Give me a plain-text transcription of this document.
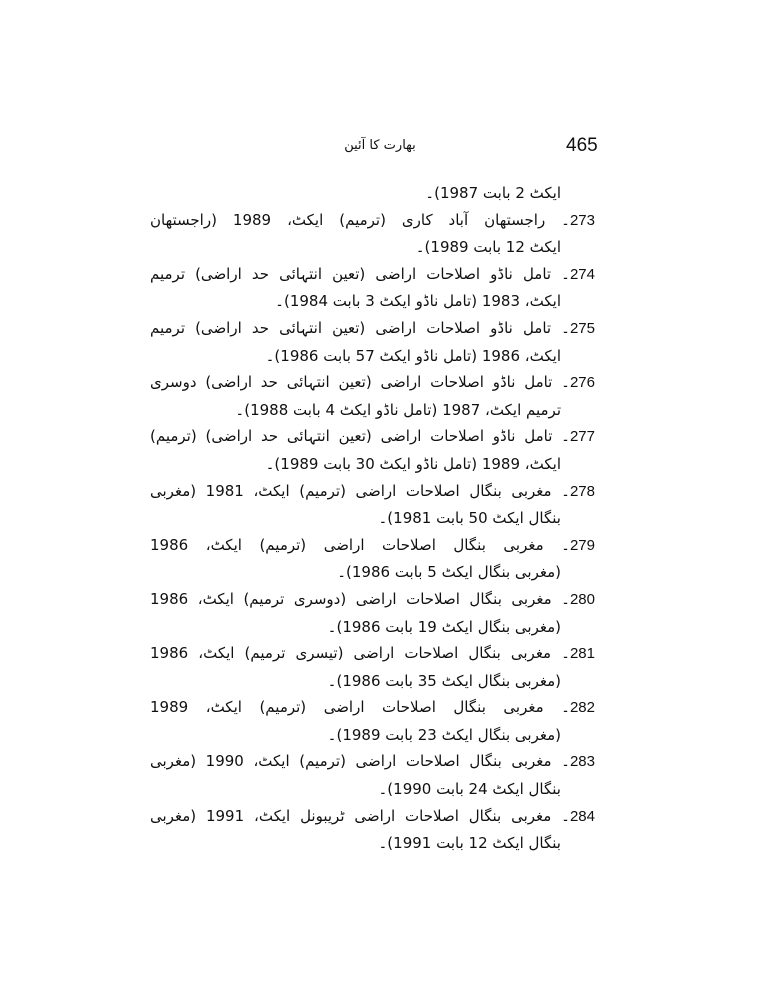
465
بھارت کا آئین

ایکٹ 2 بابت 1987)۔

273۔ راجستھان آباد کاری (ترمیم) ایکٹ، 1989 (راجستھان
ایکٹ 12 بابت 1989)۔

274۔ تامل ناڈو اصلاحات اراضی (تعین انتہائی حد اراضی) ترمیم
ایکٹ، 1983 (تامل ناڈو ایکٹ 3 بابت 1984)۔

275۔ تامل ناڈو اصلاحات اراضی (تعین انتہائی حد اراضی) ترمیم
ایکٹ، 1986 (تامل ناڈو ایکٹ 57 بابت 1986)۔

276۔ تامل ناڈو اصلاحات اراضی (تعین انتہائی حد اراضی) دوسری
ترمیم ایکٹ، 1987 (تامل ناڈو ایکٹ 4 بابت 1988)۔

277۔ تامل ناڈو اصلاحات اراضی (تعین انتہائی حد اراضی) (ترمیم)
ایکٹ، 1989 (تامل ناڈو ایکٹ 30 بابت 1989)۔

278۔ مغربی بنگال اصلاحات اراضی (ترمیم) ایکٹ، 1981 (مغربی
بنگال ایکٹ 50 بابت 1981)۔

279۔ مغربی بنگال اصلاحات اراضی (ترمیم) ایکٹ، 1986
(مغربی بنگال ایکٹ 5 بابت 1986)۔

280۔ مغربی بنگال اصلاحات اراضی (دوسری ترمیم) ایکٹ، 1986
(مغربی بنگال ایکٹ 19 بابت 1986)۔

281۔ مغربی بنگال اصلاحات اراضی (تیسری ترمیم) ایکٹ، 1986
(مغربی بنگال ایکٹ 35 بابت 1986)۔

282۔ مغربی بنگال اصلاحات اراضی (ترمیم) ایکٹ، 1989
(مغربی بنگال ایکٹ 23 بابت 1989)۔

283۔ مغربی بنگال اصلاحات اراضی (ترمیم) ایکٹ، 1990 (مغربی
بنگال ایکٹ 24 بابت 1990)۔

284۔ مغربی بنگال اصلاحات اراضی ٹریبونل ایکٹ، 1991 (مغربی
بنگال ایکٹ 12 بابت 1991)۔
